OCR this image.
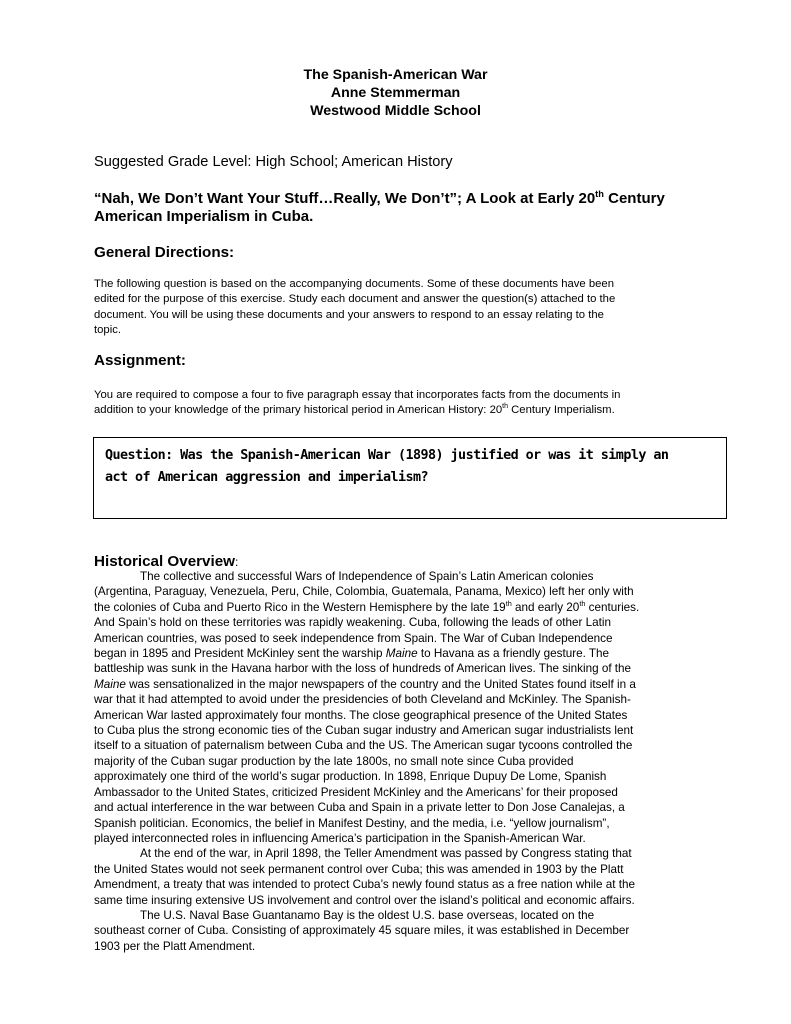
The Spanish-American War
Anne Stemmerman
Westwood Middle School
Suggested Grade Level: High School; American History
“Nah, We Don’t Want Your Stuff…Really, We Don’t”; A Look at Early 20th Century
American Imperialism in Cuba.
General Directions:
The following question is based on the accompanying documents. Some of these documents have been
edited for the purpose of this exercise. Study each document and answer the question(s) attached to the
document. You will be using these documents and your answers to respond to an essay relating to the
topic.
Assignment:
You are required to compose a four to five paragraph essay that incorporates facts from the documents in
addition to your knowledge of the primary historical period in American History: 20th Century Imperialism.
Question: Was the Spanish-American War (1898) justified or was it simply an
act of American aggression and imperialism?
Historical Overview:
The collective and successful Wars of Independence of Spain’s Latin American colonies
(Argentina, Paraguay, Venezuela, Peru, Chile, Colombia, Guatemala, Panama, Mexico) left her only with
the colonies of Cuba and Puerto Rico in the Western Hemisphere by the late 19th and early 20th centuries.
And Spain’s hold on these territories was rapidly weakening. Cuba, following the leads of other Latin
American countries, was posed to seek independence from Spain. The War of Cuban Independence
began in 1895 and President McKinley sent the warship Maine to Havana as a friendly gesture. The
battleship was sunk in the Havana harbor with the loss of hundreds of American lives. The sinking of the
Maine was sensationalized in the major newspapers of the country and the United States found itself in a
war that it had attempted to avoid under the presidencies of both Cleveland and McKinley. The Spanish-
American War lasted approximately four months. The close geographical presence of the United States
to Cuba plus the strong economic ties of the Cuban sugar industry and American sugar industrialists lent
itself to a situation of paternalism between Cuba and the US. The American sugar tycoons controlled the
majority of the Cuban sugar production by the late 1800s, no small note since Cuba provided
approximately one third of the world’s sugar production. In 1898, Enrique Dupuy De Lome, Spanish
Ambassador to the United States, criticized President McKinley and the Americans’ for their proposed
and actual interference in the war between Cuba and Spain in a private letter to Don Jose Canalejas, a
Spanish politician. Economics, the belief in Manifest Destiny, and the media, i.e. “yellow journalism”,
played interconnected roles in influencing America’s participation in the Spanish-American War.
At the end of the war, in April 1898, the Teller Amendment was passed by Congress stating that
the United States would not seek permanent control over Cuba; this was amended in 1903 by the Platt
Amendment, a treaty that was intended to protect Cuba’s newly found status as a free nation while at the
same time insuring extensive US involvement and control over the island’s political and economic affairs.
The U.S. Naval Base Guantanamo Bay is the oldest U.S. base overseas, located on the
southeast corner of Cuba. Consisting of approximately 45 square miles, it was established in December
1903 per the Platt Amendment.
